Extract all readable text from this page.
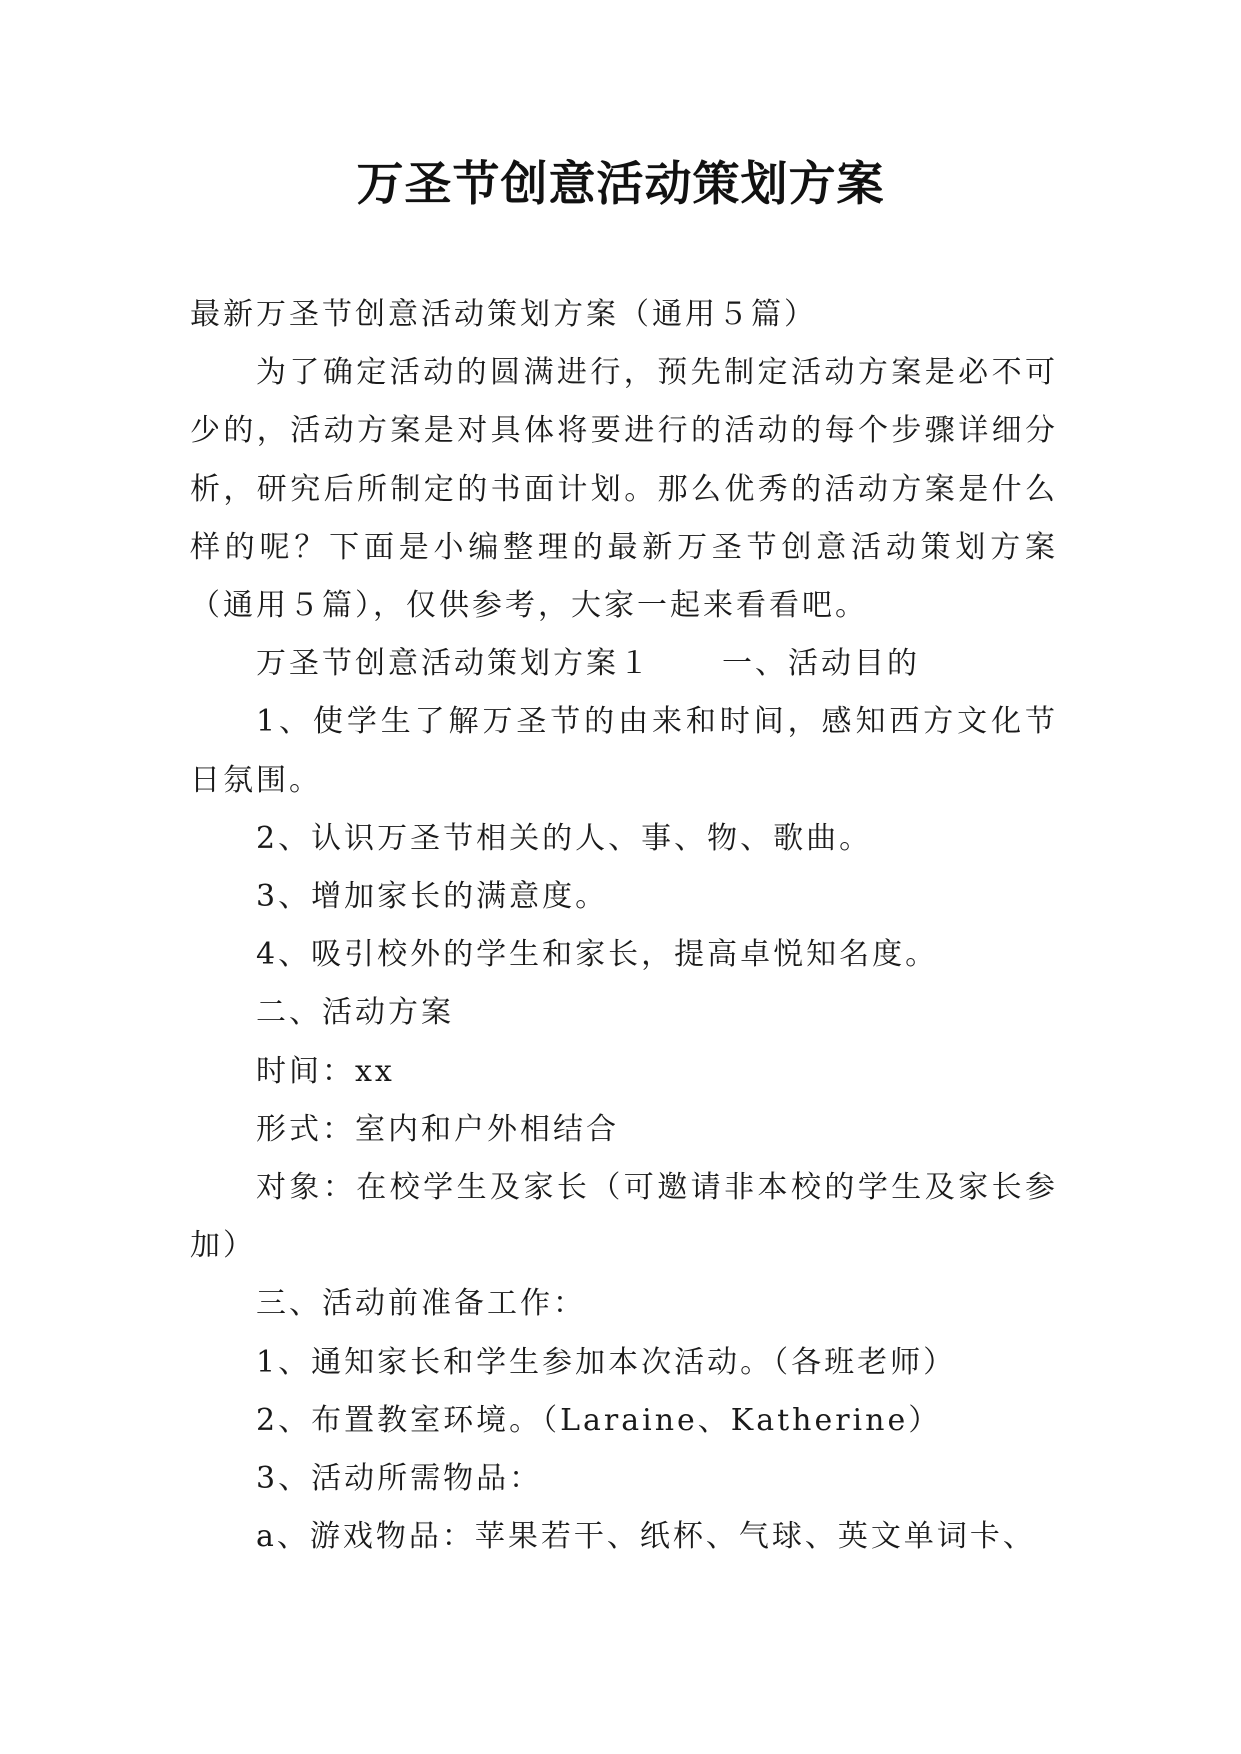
万圣节创意活动策划方案

最新万圣节创意活动策划方案（通用５篇）

为了确定活动的圆满进行，预先制定活动方案是必不可少的，活动方案是对具体将要进行的活动的每个步骤详细分析，研究后所制定的书面计划。那么优秀的活动方案是什么样的呢？下面是小编整理的最新万圣节创意活动策划方案（通用５篇），仅供参考，大家一起来看看吧。

万圣节创意活动策划方案１ 一、活动目的

1、使学生了解万圣节的由来和时间，感知西方文化节日氛围。

2、认识万圣节相关的人、事、物、歌曲。

3、增加家长的满意度。

4、吸引校外的学生和家长，提高卓悦知名度。

二、活动方案

时间：xx

形式：室内和户外相结合

对象：在校学生及家长（可邀请非本校的学生及家长参加）

三、活动前准备工作：

1、通知家长和学生参加本次活动。（各班老师）

2、布置教室环境。（Laraine、Katherine）

3、活动所需物品：

a、游戏物品：苹果若干、纸杯、气球、英文单词卡、
